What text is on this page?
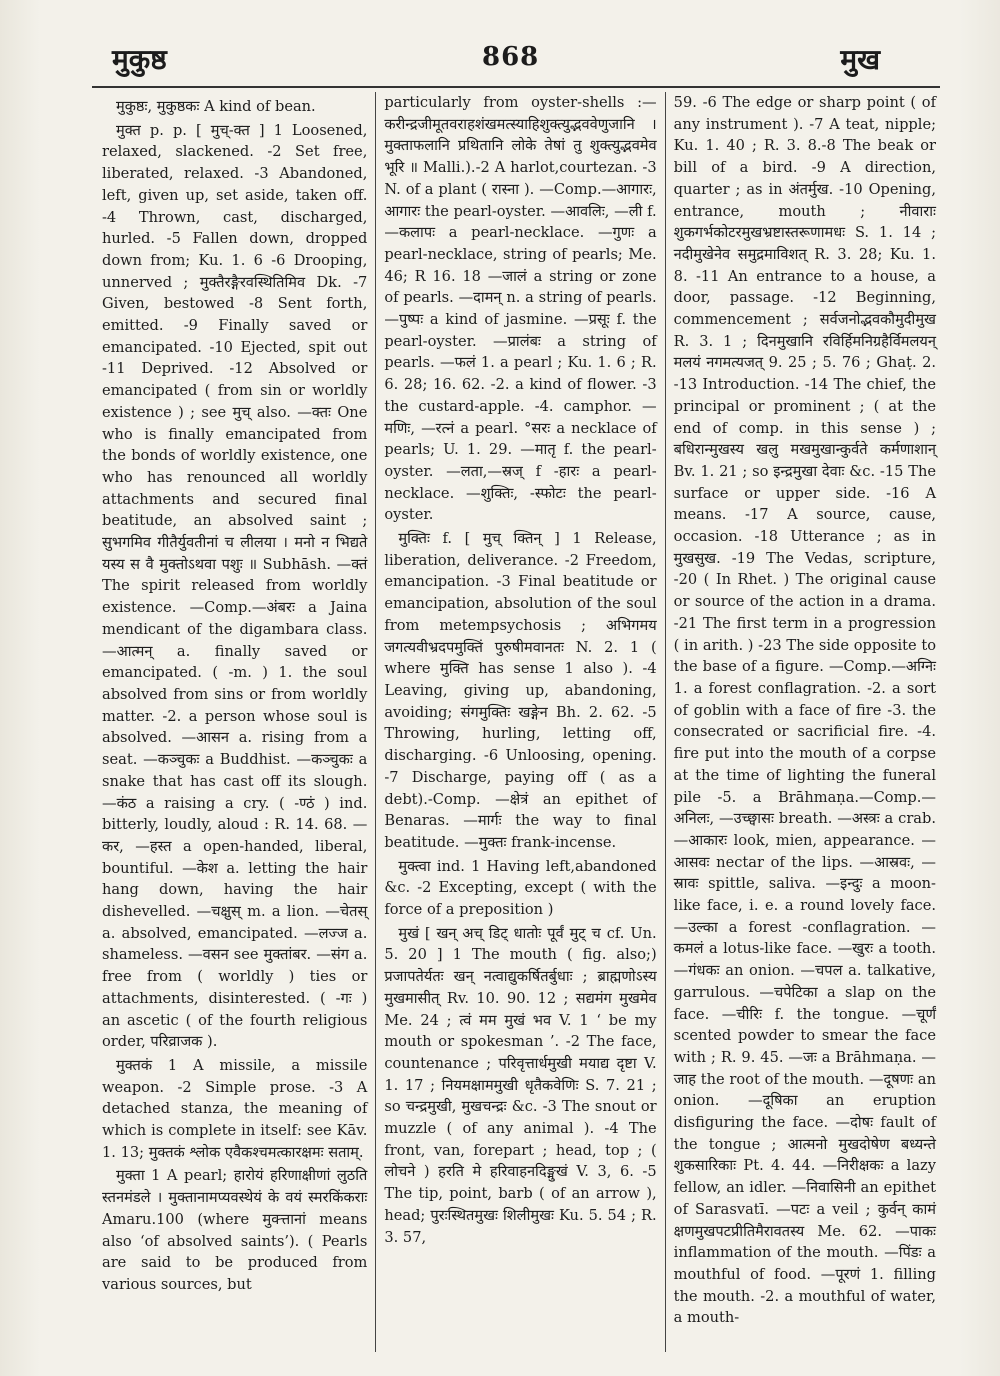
मुकुष्ठ	868	मुख

मुकुष्ठः, मुकुष्ठकः A kind of bean.

मुक्त p. p. [ मुच्-क्त ] 1 Loosened, relaxed, slackened. -2 Set free, liberated, relaxed. -3 Abandoned, left, given up, set aside, taken off. -4 Thrown, cast, discharged, hurled. -5 Fallen down, dropped down from; Ku. 1. 6 -6 Drooping, unnerved ; मुक्तैरङ्गैरवस्थितिमिव Dk. -7 Given, bestowed -8 Sent forth, emitted. -9 Finally saved or emancipated. -10 Ejected, spit out -11 Deprived. -12 Absolved or emancipated ( from sin or worldly existence ) ; see मुच् also. —क्तः One who is finally emancipated from the bonds of worldly existence, one who has renounced all worldly attachments and secured final beatitude, an absolved saint ; सुभगमिव गीतैर्युवतीनां च लीलया । मनो न भिद्यते यस्य स वै मुक्तोऽथवा पशुः ॥ Subhāsh. —क्तं The spirit released from worldly existence. —Comp.—अंबरः a Jaina mendicant of the digambara class. —आत्मन् a. finally saved or emancipated. ( -m. ) 1. the soul absolved from sins or from worldly matter. -2. a person whose soul is absolved. —आसन a. rising from a seat. —कञ्चुकः a Buddhist. —कञ्चुकः a snake that has cast off its slough. —कंठ a raising a cry. ( -ण्ठं ) ind. bitterly, loudly, aloud : R. 14. 68. —कर, —हस्त a open-handed, liberal, bountiful. —केश a. letting the hair hang down, having the hair dishevelled. —चक्षुस् m. a lion. —चेतस् a. absolved, emancipated. —लज्ज a. shameless. —वसन see मुक्तांबर. —संग a. free from ( worldly ) ties or attachments, disinterested. ( -गः ) an ascetic ( of the fourth religious order, परिव्राजक ).

मुक्तकं 1 A missile, a missile weapon. -2 Simple prose. -3 A detached stanza, the meaning of which is complete in itself: see Kāv. 1. 13; मुक्तकं श्लोक एवैकश्चमत्कारक्षमः सताम्.

मुक्ता 1 A pearl; हारोयं हरिणाक्षीणां लुठति स्तनमंडले । मुक्तानामप्यवस्थेयं के वयं स्मरकिंकराः Amaru.100 (where मुक्त्तानां means also ‘of absolved saints’). ( Pearls are said to be produced from various sources, but

particularly from oyster-shells :— करीन्द्रजीमूतवराहशंखमत्स्याहिशुक्त्युद्भववेणुजानि । मुक्ताफलानि प्रथितानि लोके तेषां तु शुक्त्युद्भवमेव भूरि ॥ Malli.).-2 A harlot,courtezan. -3 N. of a plant ( रास्ना ). —Comp.—आगारः, आगारः the pearl-oyster. —आवलिः, —ली f. —कलापः a pearl-necklace. —गुणः a pearl-necklace, string of pearls; Me. 46; R 16. 18 —जालं a string or zone of pearls. —दामन् n. a string of pearls. —पुष्पः a kind of jasmine. —प्रसूः f. the pearl-oyster. —प्रालंबः a string of pearls. —फलं 1. a pearl ; Ku. 1. 6 ; R. 6. 28; 16. 62. -2. a kind of flower. -3 the custard-apple. -4. camphor. —मणिः, —रत्नं a pearl. °सरः a necklace of pearls; U. 1. 29. —मातृ f. the pearl-oyster. —लता,—स्रज् f -हारः a pearl-necklace. —शुक्तिः, -स्फोटः the pearl-oyster.

मुक्तिः f. [ मुच् क्तिन् ] 1 Release, liberation, deliverance. -2 Freedom, emancipation. -3 Final beatitude or emancipation, absolution of the soul from metempsychosis ; अभिगमय जगत्यवीभ्रदपमुक्तिं पुरुषीमवानतः N. 2. 1 ( where मुक्ति has sense 1 also ). -4 Leaving, giving up, abandoning, avoiding; संगमुक्तिः खङ्गेन Bh. 2. 62. -5 Throwing, hurling, letting off, discharging. -6 Unloosing, opening. -7 Discharge, paying off ( as a debt).-Comp. —क्षेत्रं an epithet of Benaras. —मार्गः the way to final beatitude. —मुक्तः frank-incense.

मुक्त्वा ind. 1 Having left,abandoned &c. -2 Excepting, except ( with the force of a preposition )

मुखं [ खन् अच् डिट् धातोः पूर्वं मुट् च cf. Un. 5. 20 ] 1 The mouth ( fig. also;) प्रजापतेर्यतः खन् नत्वाद्युकर्षितर्बुधाः ; ब्राह्मणोऽस्य मुखमासीत् Rv. 10. 90. 12 ; सद्यमंग मुखमेव Me. 24 ; त्वं मम मुखं भव V. 1 ‘ be my mouth or spokesman ’. -2 The face, countenance ; परिवृत्तार्धमुखी मयाद्य दृष्टा V. 1. 17 ; नियमक्षाममुखी धृतैकवेणिः S. 7. 21 ; so चन्द्रमुखी, मुखचन्द्रः &c. -3 The snout or muzzle ( of any animal ). -4 The front, van, forepart ; head, top ; ( लोचने ) हरति मे हरिवाहनदिङ्मुखं V. 3, 6. -5 The tip, point, barb ( of an arrow ), head; पुरःस्थितमुखः शिलीमुखः Ku. 5. 54 ; R. 3. 57,

59. -6 The edge or sharp point ( of any instrument ). -7 A teat, nipple; Ku. 1. 40 ; R. 3. 8.-8 The beak or bill of a bird. -9 A direction, quarter ; as in अंतर्मुख. -10 Opening, entrance, mouth ; नीवाराः शुकगर्भकोटरमुखभ्रष्टास्तरूणामधः S. 1. 14 ; नदीमुखेनेव समुद्रमाविशत् R. 3. 28; Ku. 1. 8. -11 An entrance to a house, a door, passage. -12 Beginning, commencement ; सर्वजनोद्भवकौमुदीमुख R. 3. 1 ; दिनमुखानि रविर्हिमनिग्रहैर्विमलयन् मलयं नगमत्यजत् 9. 25 ; 5. 76 ; Ghaṭ. 2. -13 Introduction. -14 The chief, the principal or prominent ; ( at the end of comp. in this sense ) ; बधिरान्मुखस्य खलु मखमुखान्कुर्वते कर्मणाशान् Bv. 1. 21 ; so इन्द्रमुखा देवाः &c. -15 The surface or upper side. -16 A means. -17 A source, cause, occasion. -18 Utterance ; as in मुखसुख. -19 The Vedas, scripture, -20 ( In Rhet. ) The original cause or source of the action in a drama. -21 The first term in a progression ( in arith. ) -23 The side opposite to the base of a figure. —Comp.—अग्निः 1. a forest conflagration. -2. a sort of goblin with a face of fire -3. the consecrated or sacrificial fire. -4. fire put into the mouth of a corpse at the time of lighting the funeral pile -5. a Brāhmaṇa.—Comp.—अनिलः, —उच्छ्वासः breath. —अस्त्रः a crab. —आकारः look, mien, appearance. —आसवः nectar of the lips. —आस्रवः, —स्रावः spittle, saliva. —इन्दुः a moon-like face, i. e. a round lovely face. —उल्का a forest -conflagration. —कमलं a lotus-like face. —खुरः a tooth. —गंधकः an onion. —चपल a. talkative, garrulous. —चपेटिका a slap on the face. —चीरिः f. the tongue. —चूर्णं scented powder to smear the face with ; R. 9. 45. —जः a Brāhmaṇa. —जाह the root of the mouth. —दूषणः an onion. —दूषिका an eruption disfiguring the face. —दोषः fault of the tongue ; आत्मनो मुखदोषेण बध्यन्ते शुकसारिकाः Pt. 4. 44. —निरीक्षकः a lazy fellow, an idler. —निवासिनी an epithet of Sarasvatī. —पटः a veil ; कुर्वन् कामं क्षणमुखपटप्रीतिमैरावतस्य Me. 62. —पाकः inflammation of the mouth. —पिंडः a mouthful of food. —पूरणं 1. filling the mouth. -2. a mouthful of water, a mouth-
